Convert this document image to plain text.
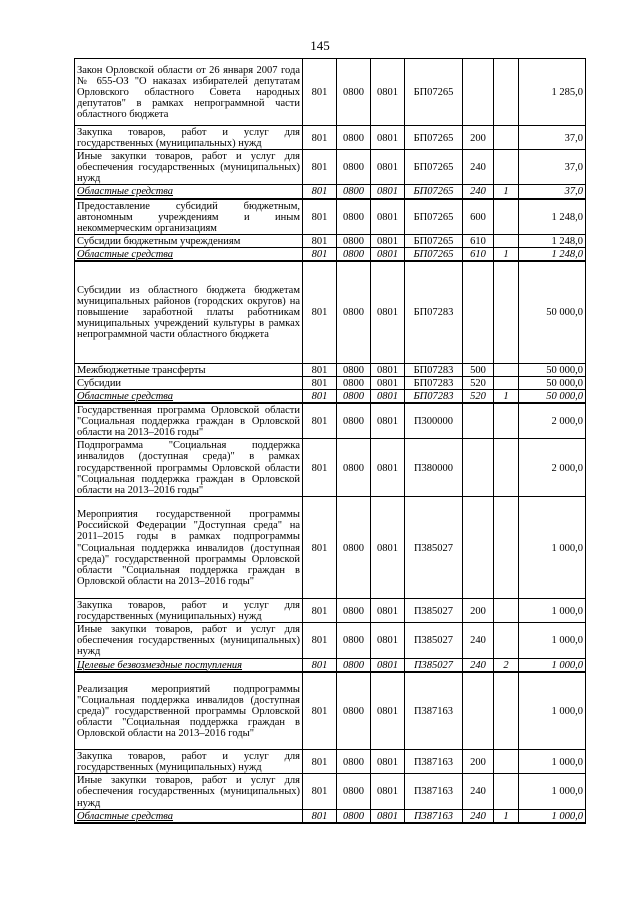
145
Закон Орловской области от 26 января 2007 года № 655-ОЗ "О наказах избирателей депутатам Орловского областного Совета народных депутатов" в рамках непрограммной части областного бюджета	801	0800	0801	БП07265			1 285,0
Закупка товаров, работ и услуг для государственных (муниципальных) нужд	801	0800	0801	БП07265	200		37,0
Иные закупки товаров, работ и услуг для обеспечения государственных (муниципальных) нужд	801	0800	0801	БП07265	240		37,0
Областные средства	801	0800	0801	БП07265	240	1	37,0
Предоставление субсидий бюджетным, автономным учреждениям и иным некоммерческим организациям	801	0800	0801	БП07265	600		1 248,0
Субсидии бюджетным учреждениям	801	0800	0801	БП07265	610		1 248,0
Областные средства	801	0800	0801	БП07265	610	1	1 248,0
Субсидии из областного бюджета бюджетам муниципальных районов (городских округов) на повышение заработной платы работникам муниципальных учреждений культуры в рамках непрограммной части областного бюджета	801	0800	0801	БП07283			50 000,0
Межбюджетные трансферты	801	0800	0801	БП07283	500		50 000,0
Субсидии	801	0800	0801	БП07283	520		50 000,0
Областные средства	801	0800	0801	БП07283	520	1	50 000,0
Государственная программа Орловской области "Социальная поддержка граждан в Орловской области на 2013–2016 годы"	801	0800	0801	П300000			2 000,0
Подпрограмма "Социальная поддержка инвалидов (доступная среда)" в рамках государственной программы Орловской области "Социальная поддержка граждан в Орловской области на 2013–2016 годы"	801	0800	0801	П380000			2 000,0
Мероприятия государственной программы Российской Федерации "Доступная среда" на 2011–2015 годы в рамках подпрограммы "Социальная поддержка инвалидов (доступная среда)" государственной программы Орловской области "Социальная поддержка граждан в Орловской области на 2013–2016 годы"	801	0800	0801	П385027			1 000,0
Закупка товаров, работ и услуг для государственных (муниципальных) нужд	801	0800	0801	П385027	200		1 000,0
Иные закупки товаров, работ и услуг для обеспечения государственных (муниципальных) нужд	801	0800	0801	П385027	240		1 000,0
Целевые безвозмездные поступления	801	0800	0801	П385027	240	2	1 000,0
Реализация мероприятий подпрограммы "Социальная поддержка инвалидов (доступная среда)" государственной программы Орловской области "Социальная поддержка граждан в Орловской области на 2013–2016 годы"	801	0800	0801	П387163			1 000,0
Закупка товаров, работ и услуг для государственных (муниципальных) нужд	801	0800	0801	П387163	200		1 000,0
Иные закупки товаров, работ и услуг для обеспечения государственных (муниципальных) нужд	801	0800	0801	П387163	240		1 000,0
Областные средства	801	0800	0801	П387163	240	1	1 000,0
